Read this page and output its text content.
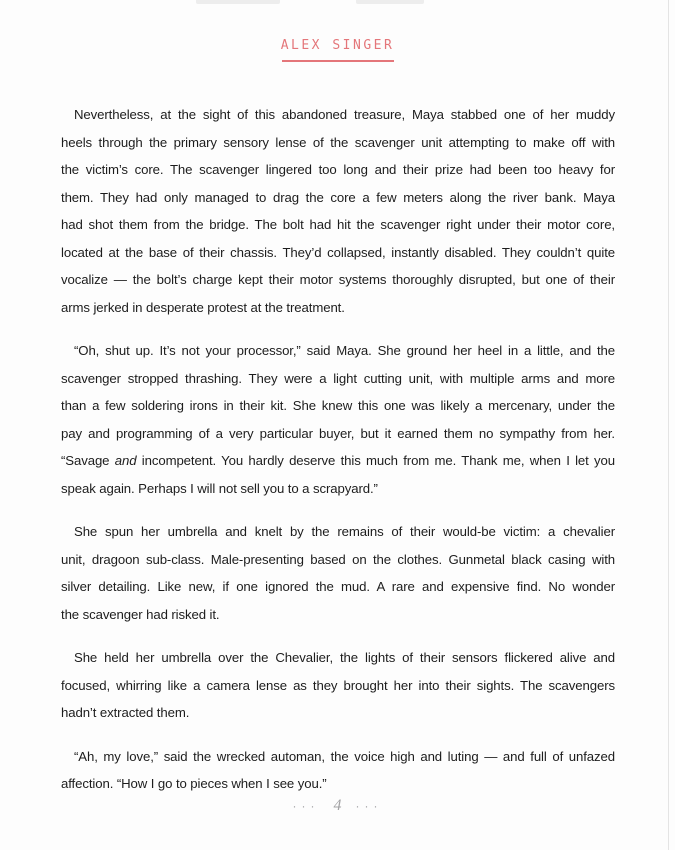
ALEX SINGER

Nevertheless, at the sight of this abandoned treasure, Maya stabbed one of her muddy
heels through the primary sensory lense of the scavenger unit attempting to make off with
the victim’s core. The scavenger lingered too long and their prize had been too heavy for
them. They had only managed to drag the core a few meters along the river bank. Maya
had shot them from the bridge. The bolt had hit the scavenger right under their motor core,
located at the base of their chassis. They’d collapsed, instantly disabled. They couldn’t quite
vocalize — the bolt’s charge kept their motor systems thoroughly disrupted, but one of their
arms jerked in desperate protest at the treatment.

“Oh, shut up. It’s not your processor,” said Maya. She ground her heel in a little, and the
scavenger stropped thrashing. They were a light cutting unit, with multiple arms and more
than a few soldering irons in their kit. She knew this one was likely a mercenary, under the
pay and programming of a very particular buyer, but it earned them no sympathy from her.
“Savage and incompetent. You hardly deserve this much from me. Thank me, when I let you
speak again. Perhaps I will not sell you to a scrapyard.”

She spun her umbrella and knelt by the remains of their would-be victim: a chevalier
unit, dragoon sub-class. Male-presenting based on the clothes. Gunmetal black casing with
silver detailing. Like new, if one ignored the mud. A rare and expensive find. No wonder
the scavenger had risked it.

She held her umbrella over the Chevalier, the lights of their sensors flickered alive and
focused, whirring like a camera lense as they brought her into their sights. The scavengers
hadn’t extracted them.

“Ah, my love,” said the wrecked automan, the voice high and luting — and full of unfazed
affection. “How I go to pieces when I see you.”

··· 4 ···
